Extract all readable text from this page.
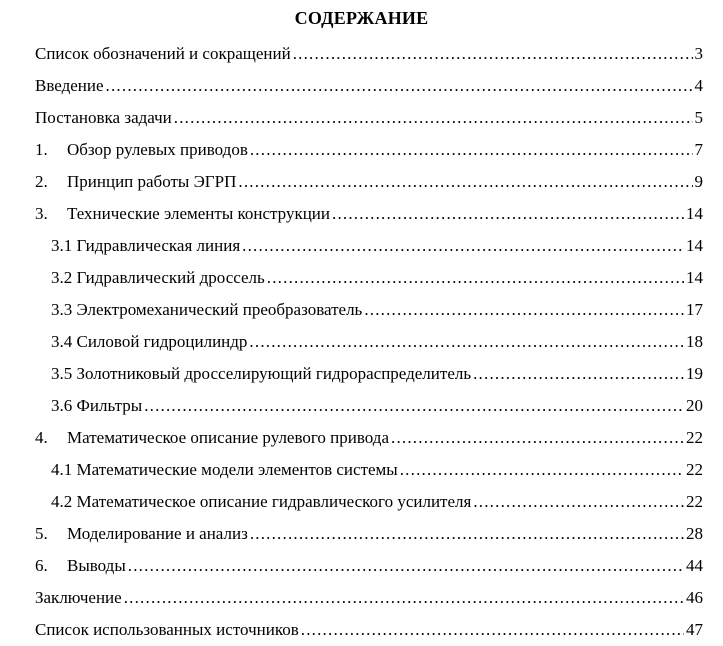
СОДЕРЖАНИЕ
Список обозначений и сокращений .....	3
Введение .....	4
Постановка задачи .....	5
1.	Обзор рулевых приводов .....	7
2.	Принцип работы ЭГРП .....	9
3.	Технические элементы конструкции .....	14
3.1 Гидравлическая линия .....	14
3.2 Гидравлический дроссель .....	14
3.3 Электромеханический преобразователь .....	17
3.4 Силовой гидроцилиндр .....	18
3.5 Золотниковый дросселирующий гидрораспределитель .....	19
3.6 Фильтры .....	20
4.	Математическое описание рулевого привода .....	22
4.1 Математические модели элементов системы .....	22
4.2 Математическое описание гидравлического усилителя .....	22
5.	Моделирование и анализ .....	28
6.	Выводы .....	44
Заключение .....	46
Список использованных источников .....	47
